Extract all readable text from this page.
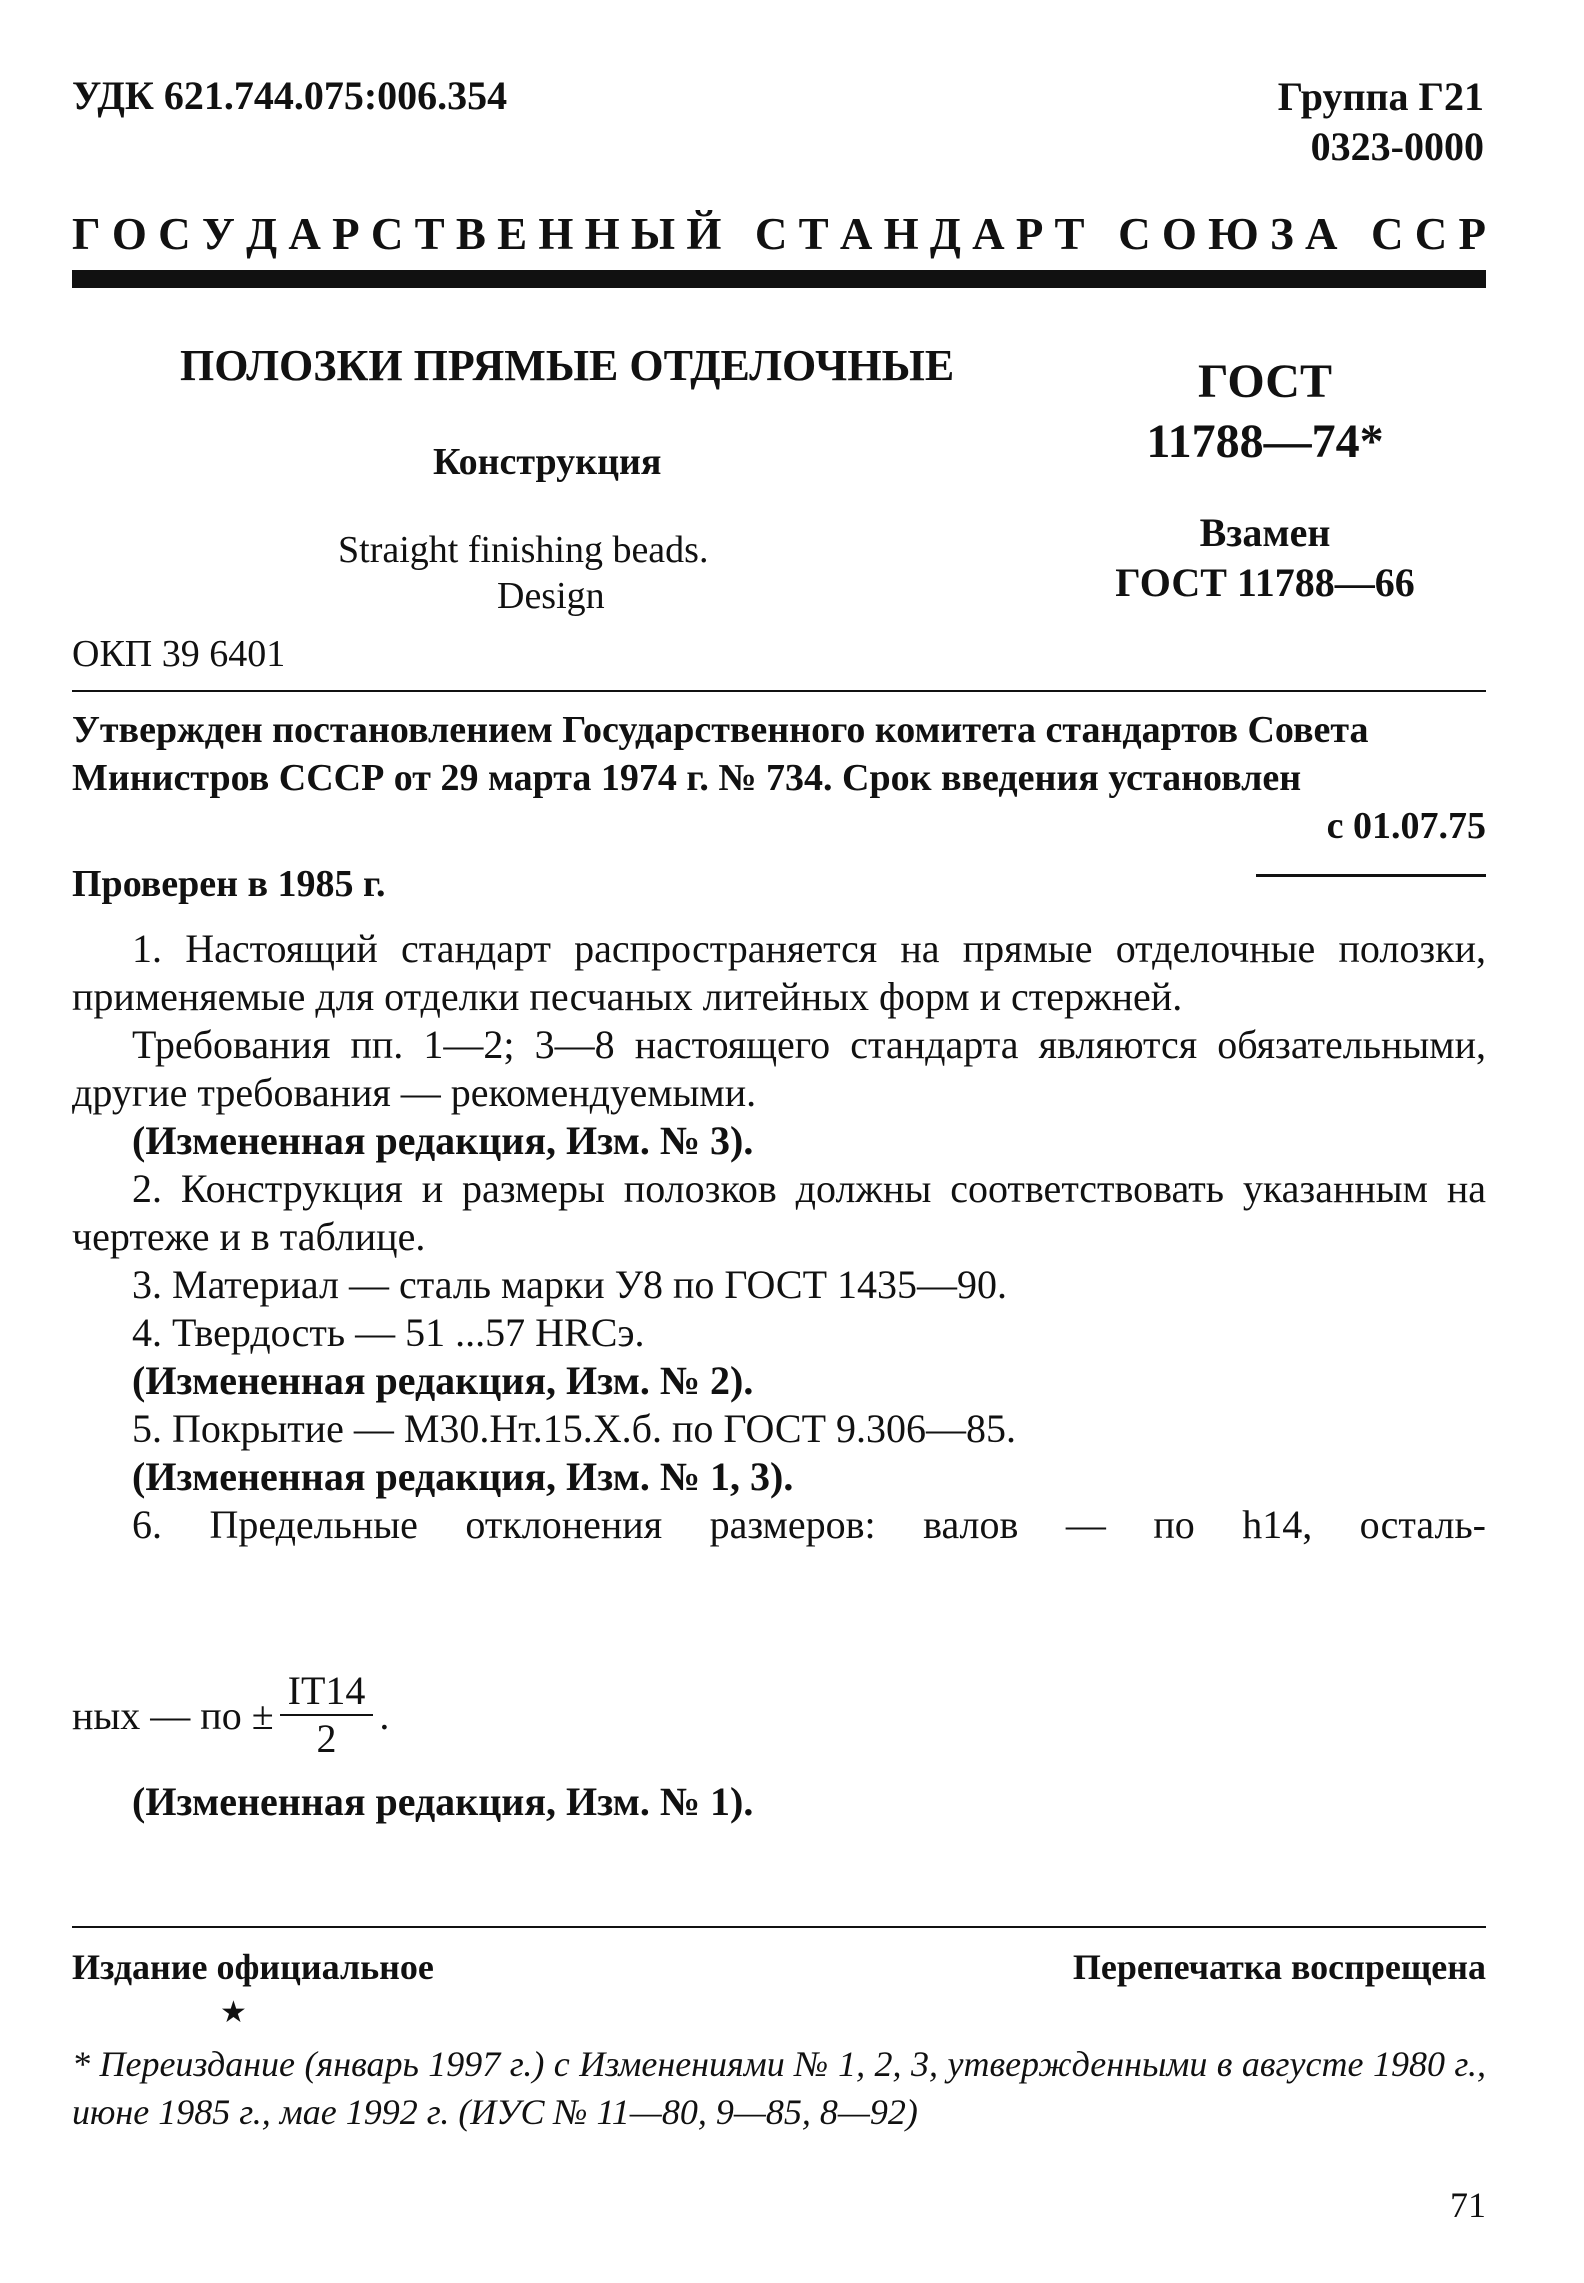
УДК 621.744.075:006.354	Группа Г21
0323-0000
Г О С У Д А Р С Т В Е Н Н Ы Й С Т А Н Д А Р Т С О Ю З А С С Р
ПОЛОЗКИ ПРЯМЫЕ ОТДЕЛОЧНЫЕ
Конструкция
Straight finishing beads.
Design
ОКП 39 6401
ГОСТ
11788—74*
Взамен
ГОСТ 11788—66
Утвержден постановлением Государственного комитета стандартов Совета
Министров СССР от 29 марта 1974 г. № 734. Срок введения установлен
с 01.07.75
Проверен в 1985 г.

1. Настоящий стандарт распространяется на прямые отделочные полозки, применяемые для отделки песчаных литейных форм и стержней.

Требования пп. 1—2; 3—8 настоящего стандарта являются обязательными, другие требования — рекомендуемыми.

(Измененная редакция, Изм. № 3).

2. Конструкция и размеры полозков должны соответствовать указанным на чертеже и в таблице.

3. Материал — сталь марки У8 по ГОСТ 1435—90.

4. Твердость — 51 ...57 HRCэ.

(Измененная редакция, Изм. № 2).

5. Покрытие — М30.Нт.15.Х.б. по ГОСТ 9.306—85.

(Измененная редакция, Изм. № 1, 3).

6. Предельные отклонения размеров: валов — по h14, осталь-

ных — по ± $\frac{IT14}{2}$ .
(Измененная редакция, Изм. № 1).
Издание официальное	Перепечатка воспрещена
★

* Переиздание (январь 1997 г.) с Изменениями № 1, 2, 3, утвержденными в августе 1980 г., июне 1985 г., мае 1992 г. (ИУС № 11—80, 9—85, 8—92)

71
